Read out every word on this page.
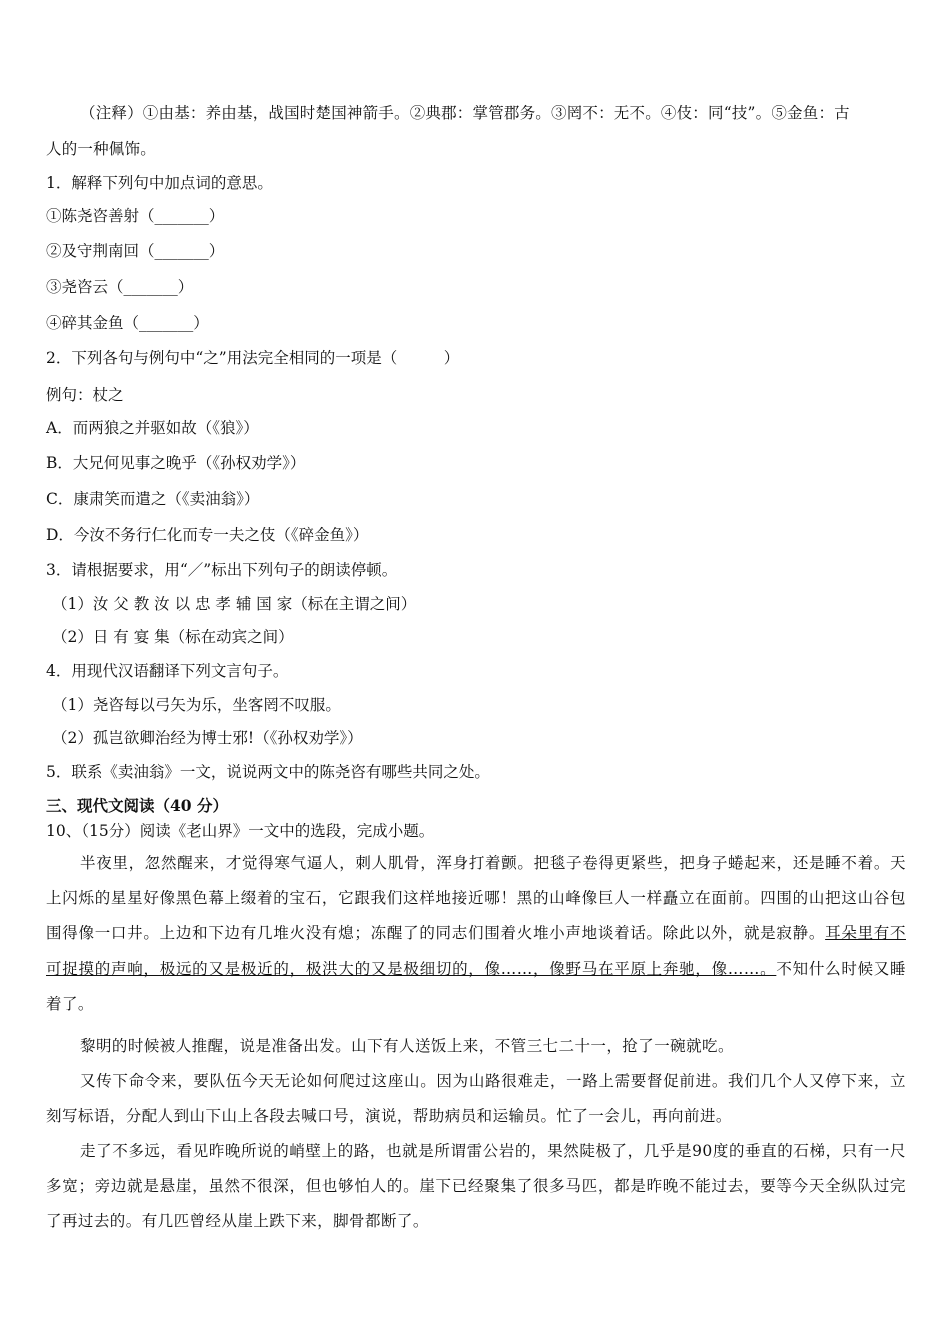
（注释）①由基：养由基，战国时楚国神箭手。②典郡：掌管郡务。③罔不：无不。④伎：同“技”。⑤金鱼：古
人的一种佩饰。
1．解释下列句中加点词的意思。
①陈尧咨善射（_______）
②及守荆南回（_______）
③尧咨云（_______）
④碎其金鱼（_______）
2．下列各句与例句中“之”用法完全相同的一项是（　　　）
例句：杖之
A．而两狼之并驱如故（《狼》）
B．大兄何见事之晚乎（《孙权劝学》）
C．康肃笑而遣之（《卖油翁》）
D．今汝不务行仁化而专一夫之伎（《碎金鱼》）
3．请根据要求，用“／”标出下列句子的朗读停顿。
（1）汝 父 教 汝 以 忠 孝 辅 国 家（标在主谓之间）
（2）日 有 宴 集（标在动宾之间）
4．用现代汉语翻译下列文言句子。
（1）尧咨每以弓矢为乐，坐客罔不叹服。
（2）孤岂欲卿治经为博士邪!（《孙权劝学》）
5．联系《卖油翁》一文，说说两文中的陈尧咨有哪些共同之处。
三、现代文阅读（40 分）
10、（15分）阅读《老山界》一文中的选段，完成小题。
半夜里，忽然醒来，才觉得寒气逼人，刺人肌骨，浑身打着颤。把毯子卷得更紧些，把身子蜷起来，还是睡不着。天上闪烁的星星好像黑色幕上缀着的宝石，它跟我们这样地接近哪！黑的山峰像巨人一样矗立在面前。四围的山把这山谷包围得像一口井。上边和下边有几堆火没有熄；冻醒了的同志们围着火堆小声地谈着话。除此以外，就是寂静。耳朵里有不可捉摸的声响，极远的又是极近的，极洪大的又是极细切的，像……，像野马在平原上奔驰，像……。不知什么时候又睡着了。
黎明的时候被人推醒，说是准备出发。山下有人送饭上来，不管三七二十一，抢了一碗就吃。
又传下命令来，要队伍今天无论如何爬过这座山。因为山路很难走，一路上需要督促前进。我们几个人又停下来，立刻写标语，分配人到山下山上各段去喊口号，演说，帮助病员和运输员。忙了一会儿，再向前进。
走了不多远，看见昨晚所说的峭壁上的路，也就是所谓雷公岩的，果然陡极了，几乎是90度的垂直的石梯，只有一尺多宽；旁边就是悬崖，虽然不很深，但也够怕人的。崖下已经聚集了很多马匹，都是昨晚不能过去，要等今天全纵队过完了再过去的。有几匹曾经从崖上跌下来，脚骨都断了。
